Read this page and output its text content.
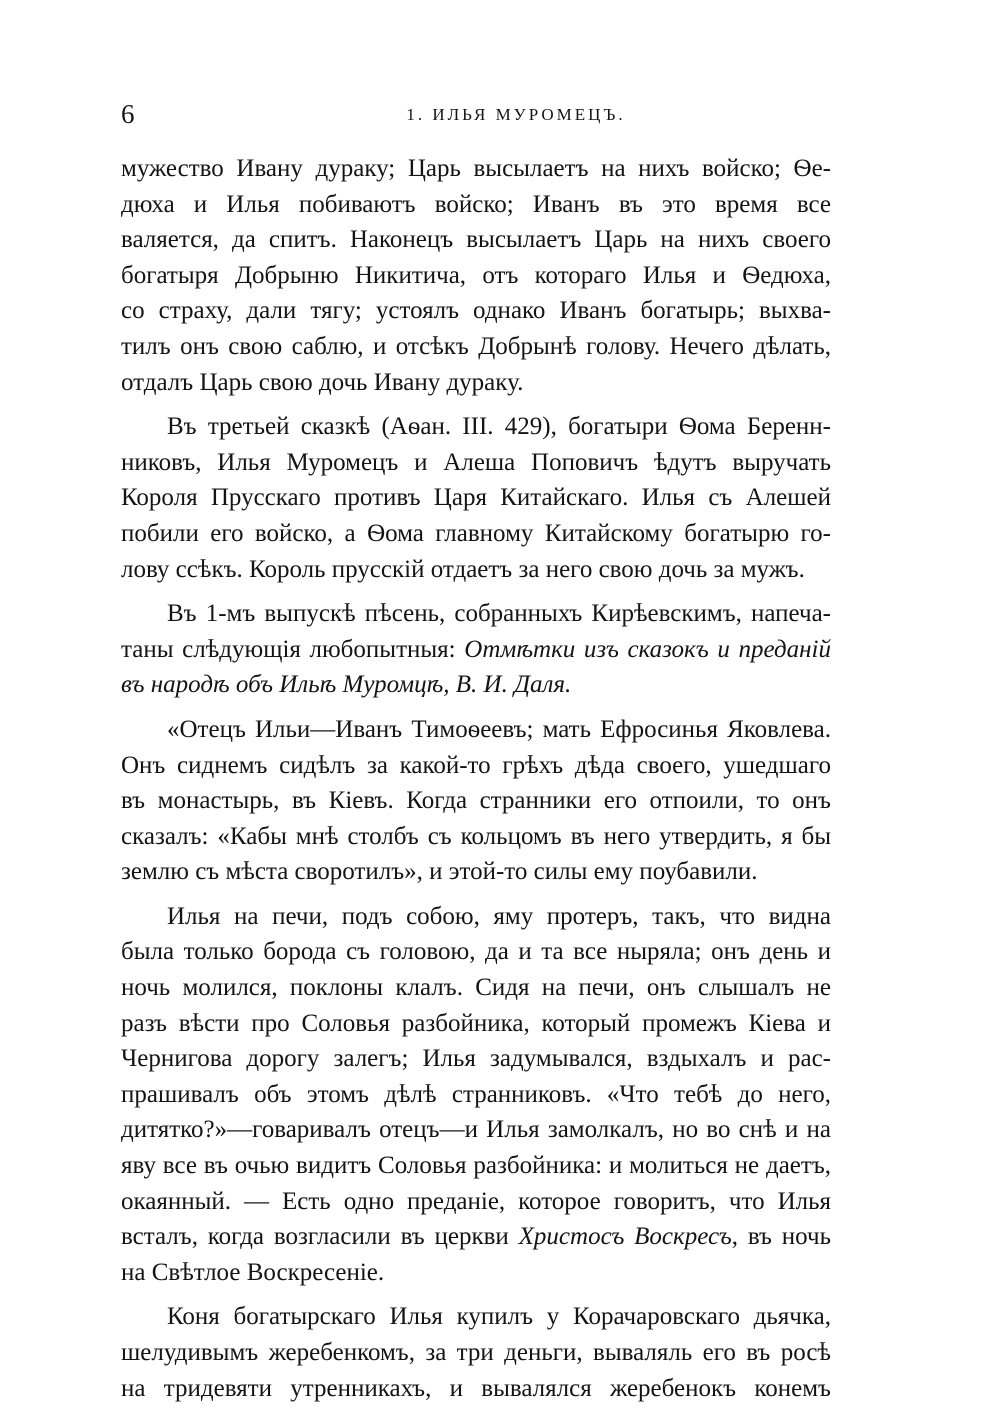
6	1. ИЛЬЯ МУРОМЕЦЪ.
мужество Ивану дураку; Царь высылаетъ на нихъ войско; Ѳе-
дюха и Илья побиваютъ войско; Иванъ въ это время все
валяется, да спитъ. Наконецъ высылаетъ Царь на нихъ своего
богатыря Добрыню Никитича, отъ котораго Илья и Ѳедюха,
со страху, дали тягу; устоялъ однако Иванъ богатырь; выхва-
тилъ онъ свою саблю, и отсѣкъ Добрынѣ голову. Нечего дѣлать,
отдалъ Царь свою дочь Ивану дураку.
Въ третьей сказкѣ (Аѳан. III. 429), богатыри Ѳома Беренн-
никовъ, Илья Муромецъ и Алеша Поповичъ ѣдутъ выручать
Короля Прусскаго противъ Царя Китайскаго. Илья съ Алешей
побили его войско, а Ѳома главному Китайскому богатырю го-
лову ссѣкъ. Король прусскій отдаетъ за него свою дочь за мужъ.
Въ 1-мъ выпускѣ пѣсень, собранныхъ Кирѣевскимъ, напеча-
таны слѣдующія любопытныя: Отмѣтки изъ сказокъ и преданій
въ народѣ объ Ильѣ Муромцѣ, В. И. Даля.
«Отецъ Ильи—Иванъ Тимоѳеевъ; мать Ефросинья Яковлева.
Онъ сиднемъ сидѣлъ за какой-то грѣхъ дѣда своего, ушедшаго
въ монастырь, въ Кіевъ. Когда странники его отпоили, то онъ
сказалъ: «Кабы мнѣ столбъ съ кольцомъ въ него утвердить, я бы
землю съ мѣста своротилъ», и этой-то силы ему поубавили.
Илья на печи, подъ собою, яму протеръ, такъ, что видна
была только борода съ головою, да и та все ныряла; онъ день и
ночь молился, поклоны клалъ. Сидя на печи, онъ слышалъ не
разъ вѣсти про Соловья разбойника, который промежъ Кіева и
Чернигова дорогу залегъ; Илья задумывался, вздыхалъ и рас-
прашивалъ объ этомъ дѣлѣ странниковъ. «Что тебѣ до него,
дитятко?»—говаривалъ отецъ—и Илья замолкалъ, но во снѣ и на
яву все въ очью видитъ Соловья разбойника: и молиться не даетъ,
окаянный. — Есть одно преданіе, которое говоритъ, что Илья
всталъ, когда возгласили въ церкви Христосъ Воскресъ, въ ночь
на Свѣтлое Воскресеніе.
Коня богатырскаго Илья купилъ у Корачаровскаго дьячка,
шелудивымъ жеребенкомъ, за три деньги, вываляль его въ росѣ
на тридевяти утренникахъ, и вывалялся жеребенокъ конемъ
